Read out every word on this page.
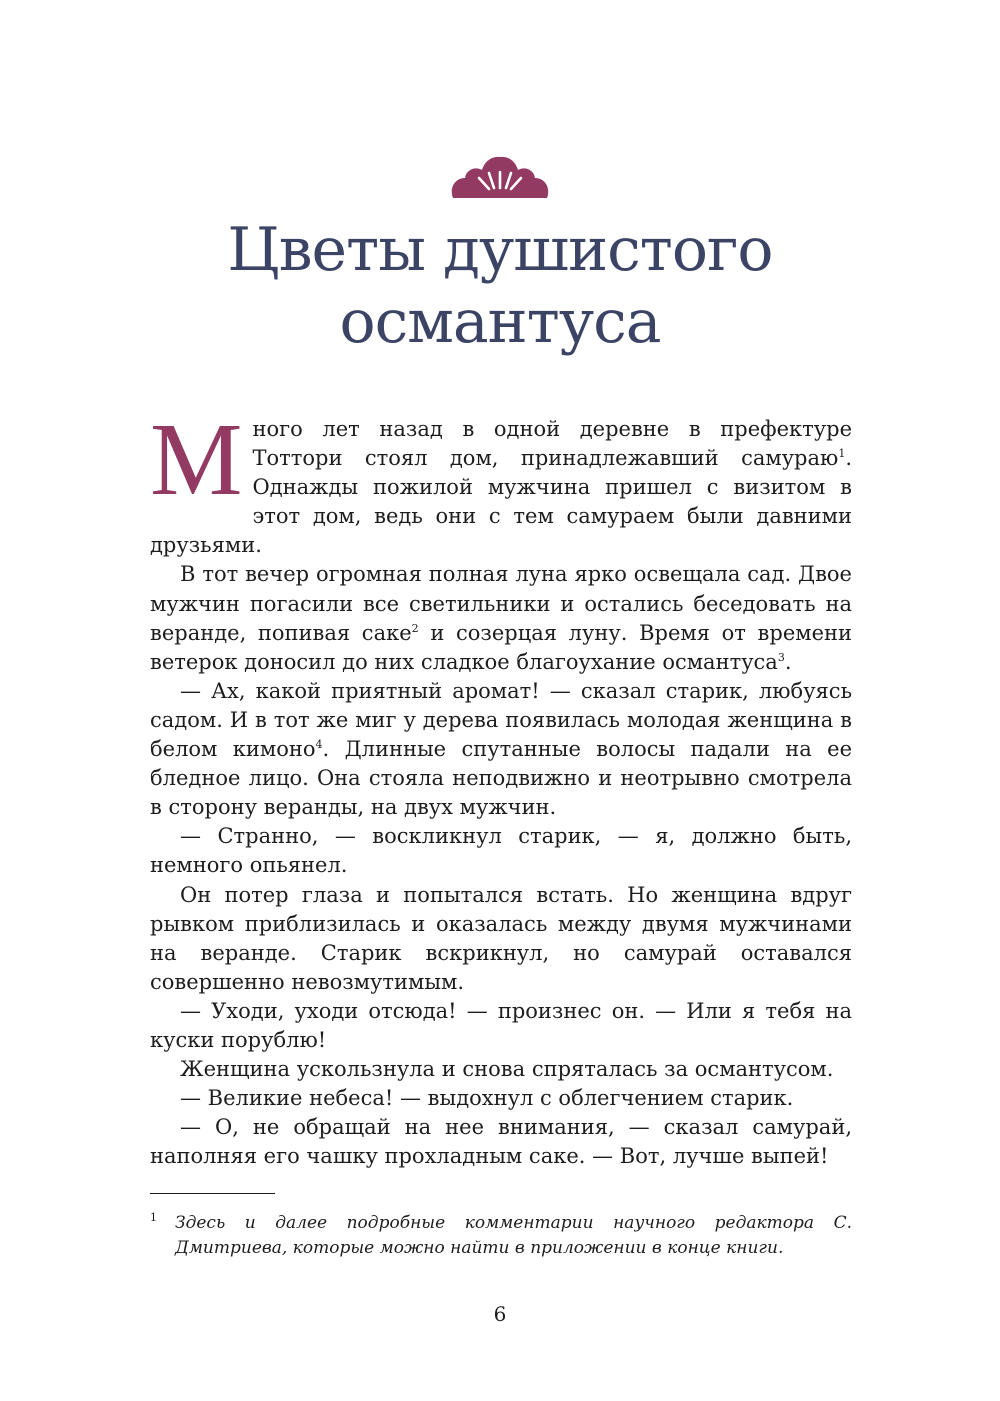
Цветы душистого
османтуса

Много лет назад в одной деревне в префектуре Тоттори стоял дом, принадлежавший самураю$^1$. Однажды пожилой мужчина пришел с визитом в этот дом, ведь они с тем самураем были давними друзьями.

В тот вечер огромная полная луна ярко освещала сад. Двое мужчин погасили все светильники и остались беседовать на веранде, попивая саке$^2$ и созерцая луну. Время от времени ветерок доносил до них сладкое благоухание османтуса$^3$.

— Ах, какой приятный аромат! — сказал старик, любуясь садом. И в тот же миг у дерева появилась молодая женщина в белом кимоно$^4$. Длинные спутанные волосы падали на ее бледное лицо. Она стояла неподвижно и неотрывно смотрела в сторону веранды, на двух мужчин.

— Странно, — воскликнул старик, — я, должно быть, немного опьянел.

Он потер глаза и попытался встать. Но женщина вдруг рывком приблизилась и оказалась между двумя мужчинами на веранде. Старик вскрикнул, но самурай оставался совершенно невозмутимым.

— Уходи, уходи отсюда! — произнес он. — Или я тебя на куски порублю!

Женщина ускользнула и снова спряталась за османтусом.

— Великие небеса! — выдохнул с облегчением старик.

— О, не обращай на нее внимания, — сказал самурай, наполняя его чашку прохладным саке. — Вот, лучше выпей!

1 Здесь и далее подробные комментарии научного редактора С. Дмитриева, которые можно найти в приложении в конце книги.
6
